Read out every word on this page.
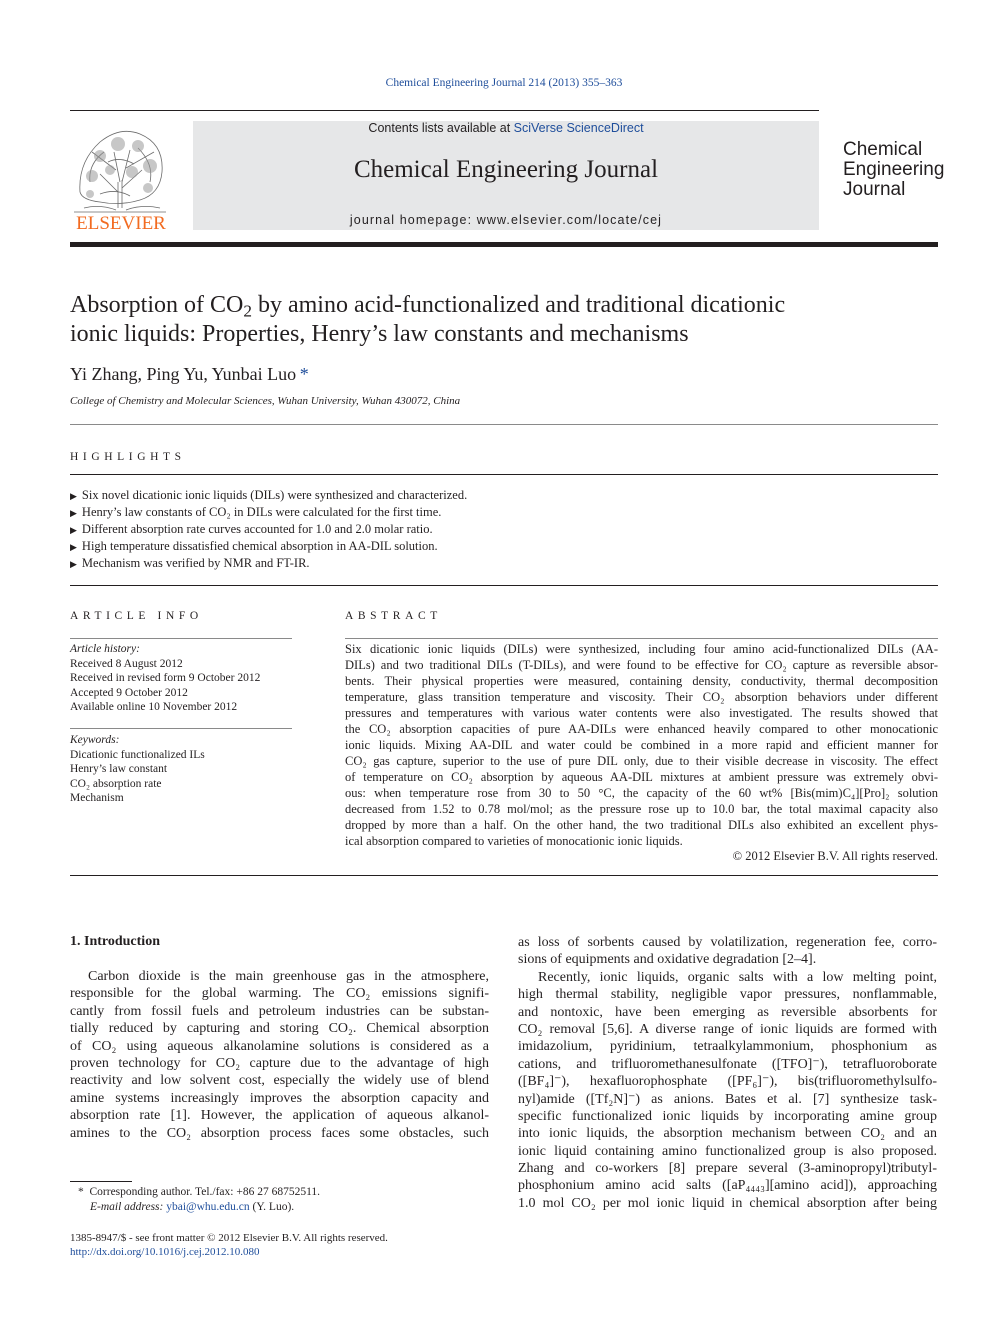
Chemical Engineering Journal 214 (2013) 355–363
ELSEVIER
Contents lists available at SciVerse ScienceDirect
Chemical Engineering Journal
journal homepage: www.elsevier.com/locate/cej
Chemical
Engineering
Journal
Absorption of $CO_2$ by amino acid-functionalized and traditional dicationic
ionic liquids: Properties, Henry’s law constants and mechanisms
Yi Zhang, Ping Yu, Yunbai Luo  *
College of Chemistry and Molecular Sciences, Wuhan University, Wuhan 430072, China
HIGHLIGHTS
▶ Six novel dicationic ionic liquids (DILs) were synthesized and characterized.
▶ Henry’s law constants of CO₂ in DILs were calculated for the first time.
▶ Different absorption rate curves accounted for 1.0 and 2.0 molar ratio.
▶ High temperature dissatisfied chemical absorption in AA-DIL solution.
▶ Mechanism was verified by NMR and FT-IR.
ARTICLE INFO
Article history:
Received 8 August 2012
Received in revised form 9 October 2012
Accepted 9 October 2012
Available online 10 November 2012
Keywords:
Dicationic functionalized ILs
Henry’s law constant
CO₂ absorption rate
Mechanism
ABSTRACT
Six dicationic ionic liquids (DILs) were synthesized, including four amino acid-functionalized DILs (AA-
DILs) and two traditional DILs (T-DILs), and were found to be effective for CO₂ capture as reversible absor-
bents. Their physical properties were measured, containing density, conductivity, thermal decomposition
temperature, glass transition temperature and viscosity. Their CO₂ absorption behaviors under different
pressures and temperatures with various water contents were also investigated. The results showed that
the CO₂ absorption capacities of pure AA-DILs were enhanced heavily compared to other monocationic
ionic liquids. Mixing AA-DIL and water could be combined in a more rapid and efficient manner for
CO₂ gas capture, superior to the use of pure DIL only, due to their visible decrease in viscosity. The effect
of temperature on CO₂ absorption by aqueous AA-DIL mixtures at ambient pressure was extremely obvi-
ous: when temperature rose from 30 to 50 °C, the capacity of the 60 wt% [Bis(mim)C₄][Pro]₂ solution
decreased from 1.52 to 0.78 mol/mol; as the pressure rose up to 10.0 bar, the total maximal capacity also
dropped by more than a half. On the other hand, the two traditional DILs also exhibited an excellent phys-
ical absorption compared to varieties of monocationic ionic liquids.
© 2012 Elsevier B.V. All rights reserved.
1. Introduction
Carbon dioxide is the main greenhouse gas in the atmosphere,
responsible for the global warming. The CO₂ emissions signifi-
cantly from fossil fuels and petroleum industries can be substan-
tially reduced by capturing and storing CO₂. Chemical absorption
of CO₂ using aqueous alkanolamine solutions is considered as a
proven technology for CO₂ capture due to the advantage of high
reactivity and low solvent cost, especially the widely use of blend
amine systems increasingly improves the absorption capacity and
absorption rate [1]. However, the application of aqueous alkanol-
amines to the CO₂ absorption process faces some obstacles, such
as loss of sorbents caused by volatilization, regeneration fee, corro-
sions of equipments and oxidative degradation [2–4].
Recently, ionic liquids, organic salts with a low melting point,
high thermal stability, negligible vapor pressures, nonflammable,
and nontoxic, have been emerging as reversible absorbents for
CO₂ removal [5,6]. A diverse range of ionic liquids are formed with
imidazolium, pyridinium, tetraalkylammonium, phosphonium as
cations, and trifluoromethanesulfonate ([TFO]⁻), tetrafluoroborate
([BF₄]⁻), hexafluorophosphate ([PF₆]⁻), bis(trifluoromethylsulfo-
nyl)amide ([Tf₂N]⁻) as anions. Bates et al. [7] synthesize task-
specific functionalized ionic liquids by incorporating amine group
into ionic liquids, the absorption mechanism between CO₂ and an
ionic liquid containing amino functionalized group is also proposed.
Zhang and co-workers [8] prepare several (3-aminopropyl)tributyl-
phosphonium amino acid salts ([aP₄₄₄₃][amino acid]), approaching
1.0 mol CO₂ per mol ionic liquid in chemical absorption after being
* Corresponding author. Tel./fax: +86 27 68752511.
E-mail address: ybai@whu.edu.cn (Y. Luo).
1385-8947/$ - see front matter © 2012 Elsevier B.V. All rights reserved.
http://dx.doi.org/10.1016/j.cej.2012.10.080
